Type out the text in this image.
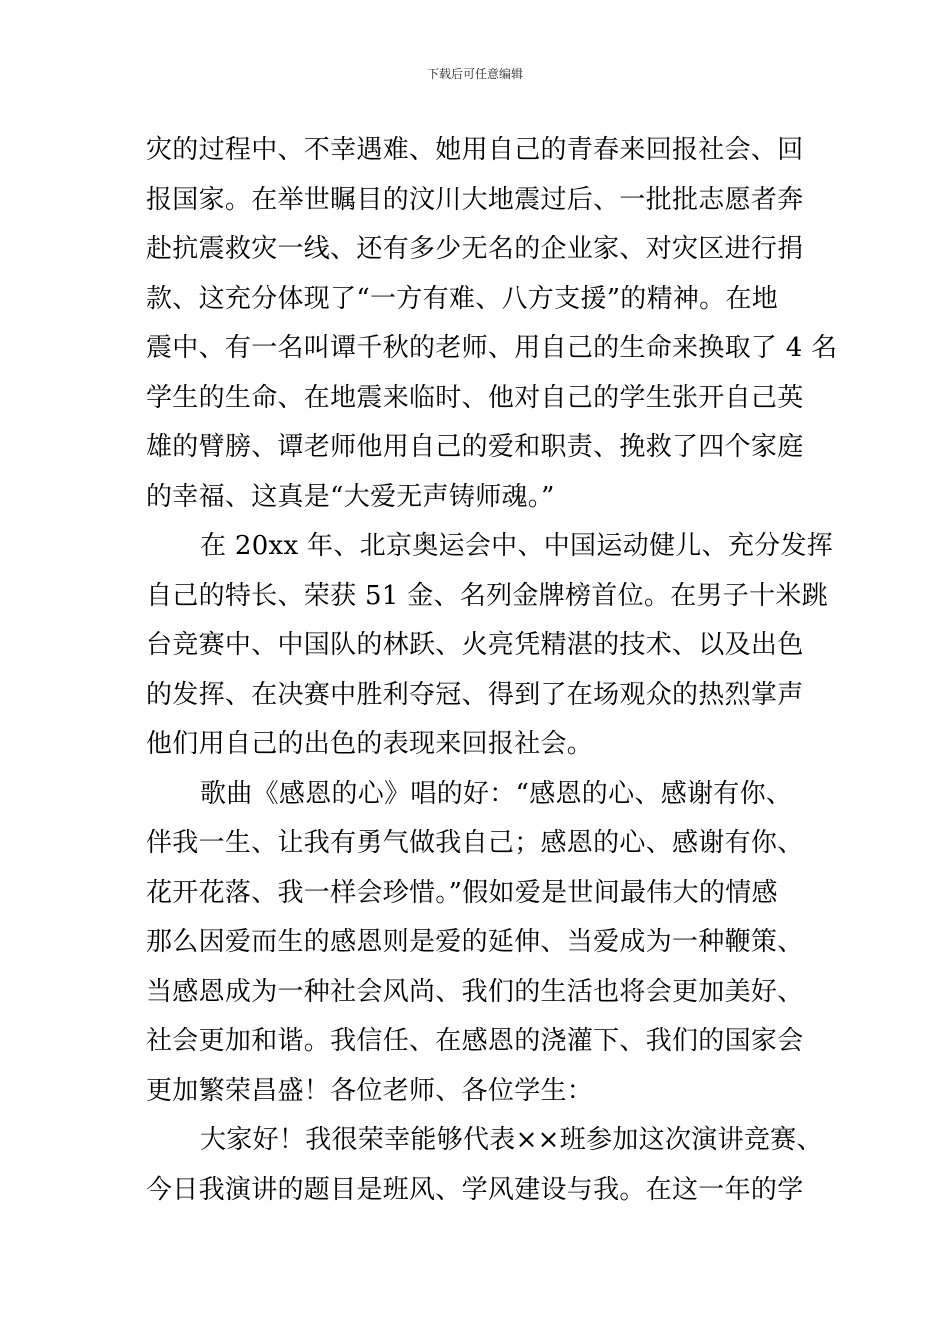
下载后可任意编辑
灾的过程中、不幸遇难、她用自己的青春来回报社会、回
报国家。在举世瞩目的汶川大地震过后、一批批志愿者奔
赴抗震救灾一线、还有多少无名的企业家、对灾区进行捐
款、这充分体现了“一方有难、八方支援”的精神。在地
震中、有一名叫谭千秋的老师、用自己的生命来换取了 4 名
学生的生命、在地震来临时、他对自己的学生张开自己英
雄的臂膀、谭老师他用自己的爱和职责、挽救了四个家庭
的幸福、这真是“大爱无声铸师魂。”
在 20xx 年、北京奥运会中、中国运动健儿、充分发挥
自己的特长、荣获 51 金、名列金牌榜首位。在男子十米跳
台竞赛中、中国队的林跃、火亮凭精湛的技术、以及出色
的发挥、在决赛中胜利夺冠、得到了在场观众的热烈掌声
他们用自己的出色的表现来回报社会。
歌曲《感恩的心》唱的好：“感恩的心、感谢有你、
伴我一生、让我有勇气做我自己；感恩的心、感谢有你、
花开花落、我一样会珍惜。”假如爱是世间最伟大的情感
那么因爱而生的感恩则是爱的延伸、当爱成为一种鞭策、
当感恩成为一种社会风尚、我们的生活也将会更加美好、
社会更加和谐。我信任、在感恩的浇灌下、我们的国家会
更加繁荣昌盛！各位老师、各位学生：
大家好！我很荣幸能够代表××班参加这次演讲竞赛、
今日我演讲的题目是班风、学风建设与我。在这一年的学
